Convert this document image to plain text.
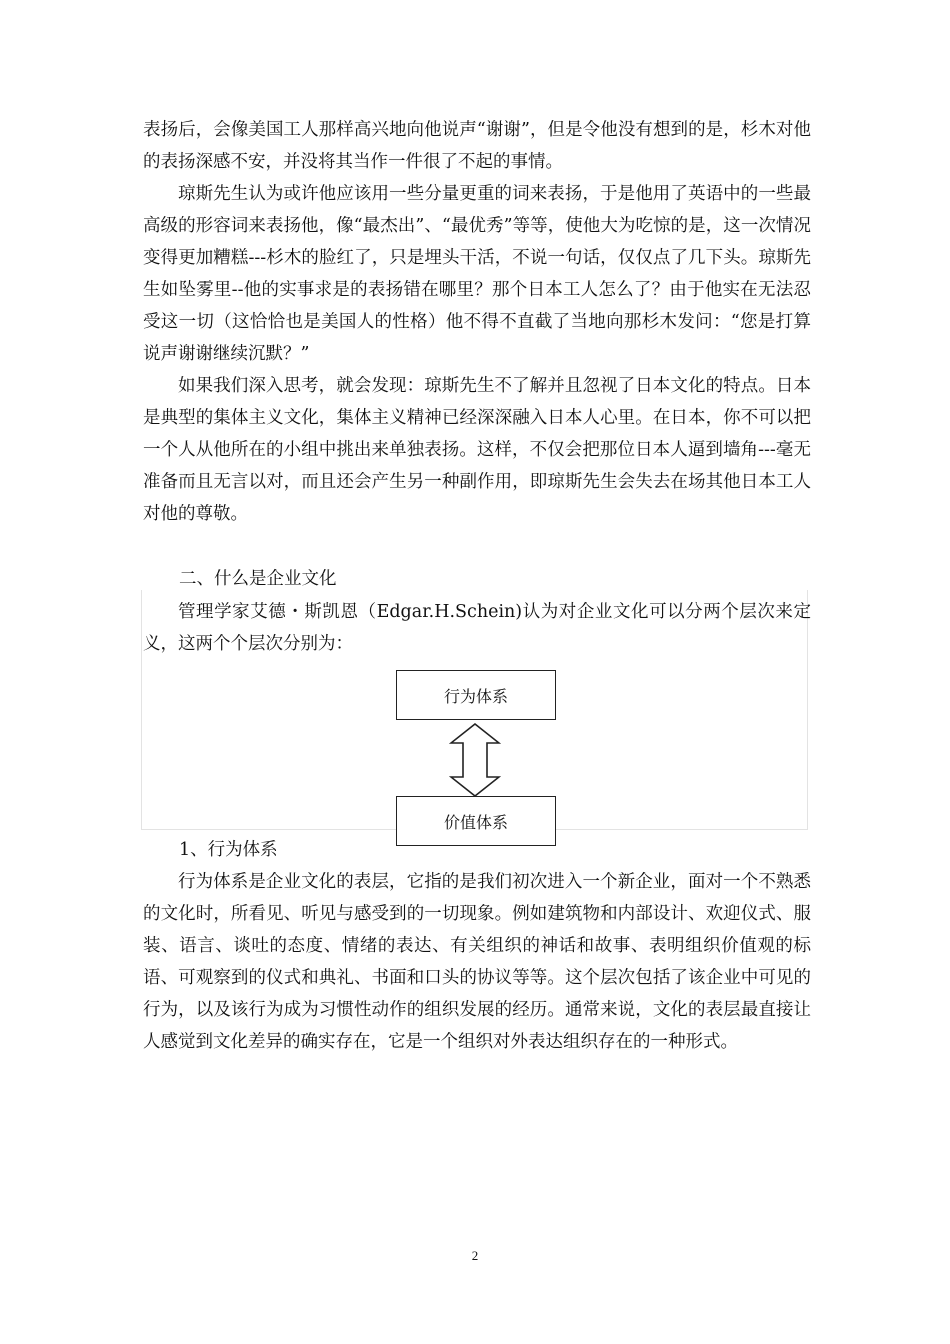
表扬后，会像美国工人那样高兴地向他说声“谢谢”，但是令他没有想到的是，杉木对他的表扬深感不安，并没将其当作一件很了不起的事情。

琼斯先生认为或许他应该用一些分量更重的词来表扬，于是他用了英语中的一些最高级的形容词来表扬他，像“最杰出”、“最优秀”等等，使他大为吃惊的是，这一次情况变得更加糟糕---杉木的脸红了，只是埋头干活，不说一句话，仅仅点了几下头。琼斯先生如坠雾里--他的实事求是的表扬错在哪里？那个日本工人怎么了？由于他实在无法忍受这一切（这恰恰也是美国人的性格）他不得不直截了当地向那杉木发问：“您是打算说声谢谢继续沉默？”

如果我们深入思考，就会发现：琼斯先生不了解并且忽视了日本文化的特点。日本是典型的集体主义文化，集体主义精神已经深深融入日本人心里。在日本，你不可以把一个人从他所在的小组中挑出来单独表扬。这样，不仅会把那位日本人逼到墙角---毫无准备而且无言以对，而且还会产生另一种副作用，即琼斯先生会失去在场其他日本工人对他的尊敬。

二、什么是企业文化

管理学家艾德・斯凯恩（Edgar.H.Schein)认为对企业文化可以分两个层次来定义，这两个个层次分别为：

行为体系
价值体系
1、行为体系

行为体系是企业文化的表层，它指的是我们初次进入一个新企业，面对一个不熟悉的文化时，所看见、听见与感受到的一切现象。例如建筑物和内部设计、欢迎仪式、服装、语言、谈吐的态度、情绪的表达、有关组织的神话和故事、表明组织价值观的标语、可观察到的仪式和典礼、书面和口头的协议等等。这个层次包括了该企业中可见的行为，以及该行为成为习惯性动作的组织发展的经历。通常来说，文化的表层最直接让人感觉到文化差异的确实存在，它是一个组织对外表达组织存在的一种形式。

2
